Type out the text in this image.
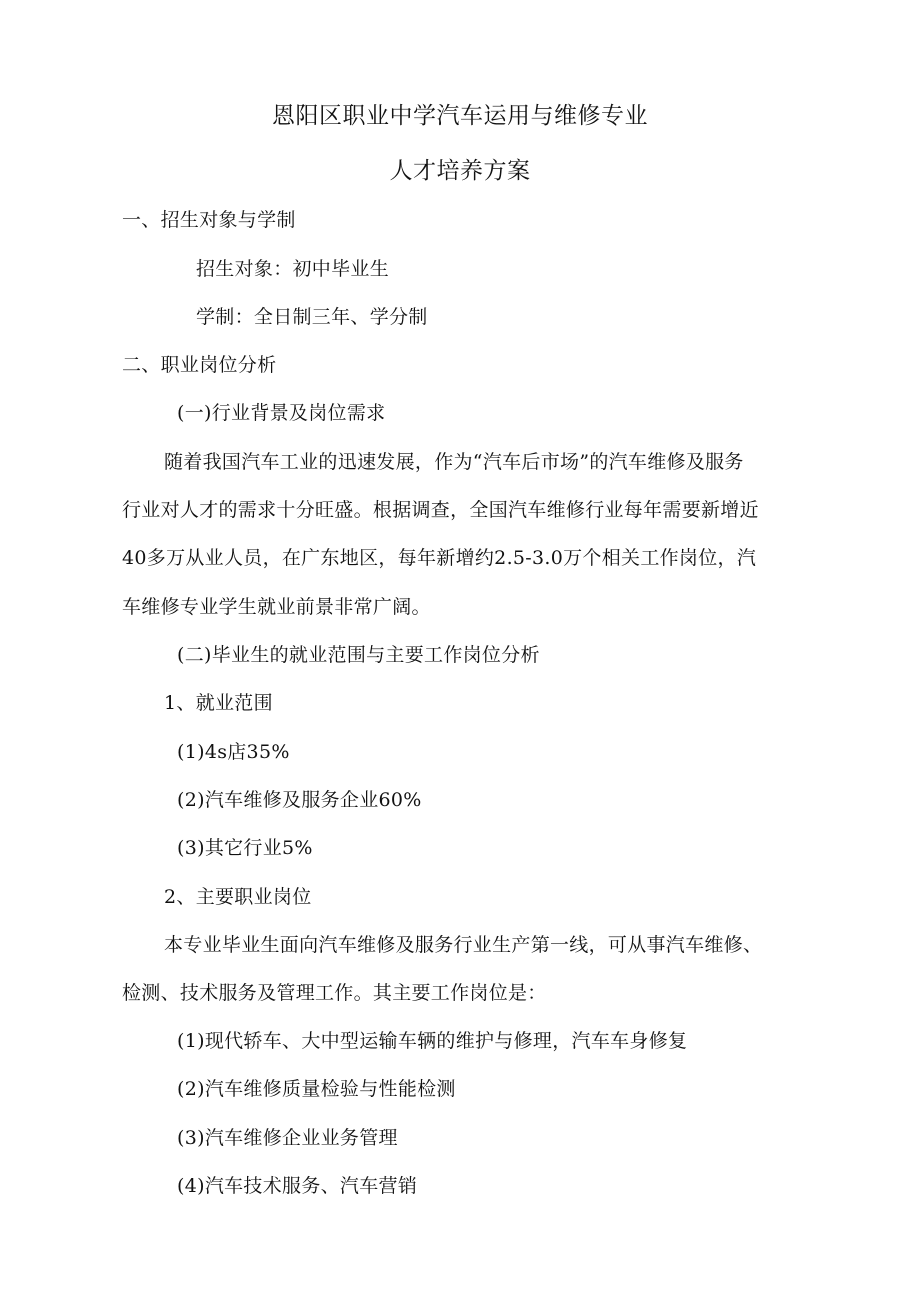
恩阳区职业中学汽车运用与维修专业

人才培养方案

一、招生对象与学制

招生对象：初中毕业生

学制：全日制三年、学分制

二、职业岗位分析

(一)行业背景及岗位需求

随着我国汽车工业的迅速发展，作为“汽车后市场”的汽车维修及服务

行业对人才的需求十分旺盛。根据调查，全国汽车维修行业每年需要新增近

40多万从业人员，在广东地区，每年新增约2.5-3.0万个相关工作岗位，汽

车维修专业学生就业前景非常广阔。

(二)毕业生的就业范围与主要工作岗位分析

1、就业范围

(1)4s店35%

(2)汽车维修及服务企业60%

(3)其它行业5%

2、主要职业岗位

本专业毕业生面向汽车维修及服务行业生产第一线，可从事汽车维修、

检测、技术服务及管理工作。其主要工作岗位是：

(1)现代轿车、大中型运输车辆的维护与修理，汽车车身修复

(2)汽车维修质量检验与性能检测

(3)汽车维修企业业务管理

(4)汽车技术服务、汽车营销
